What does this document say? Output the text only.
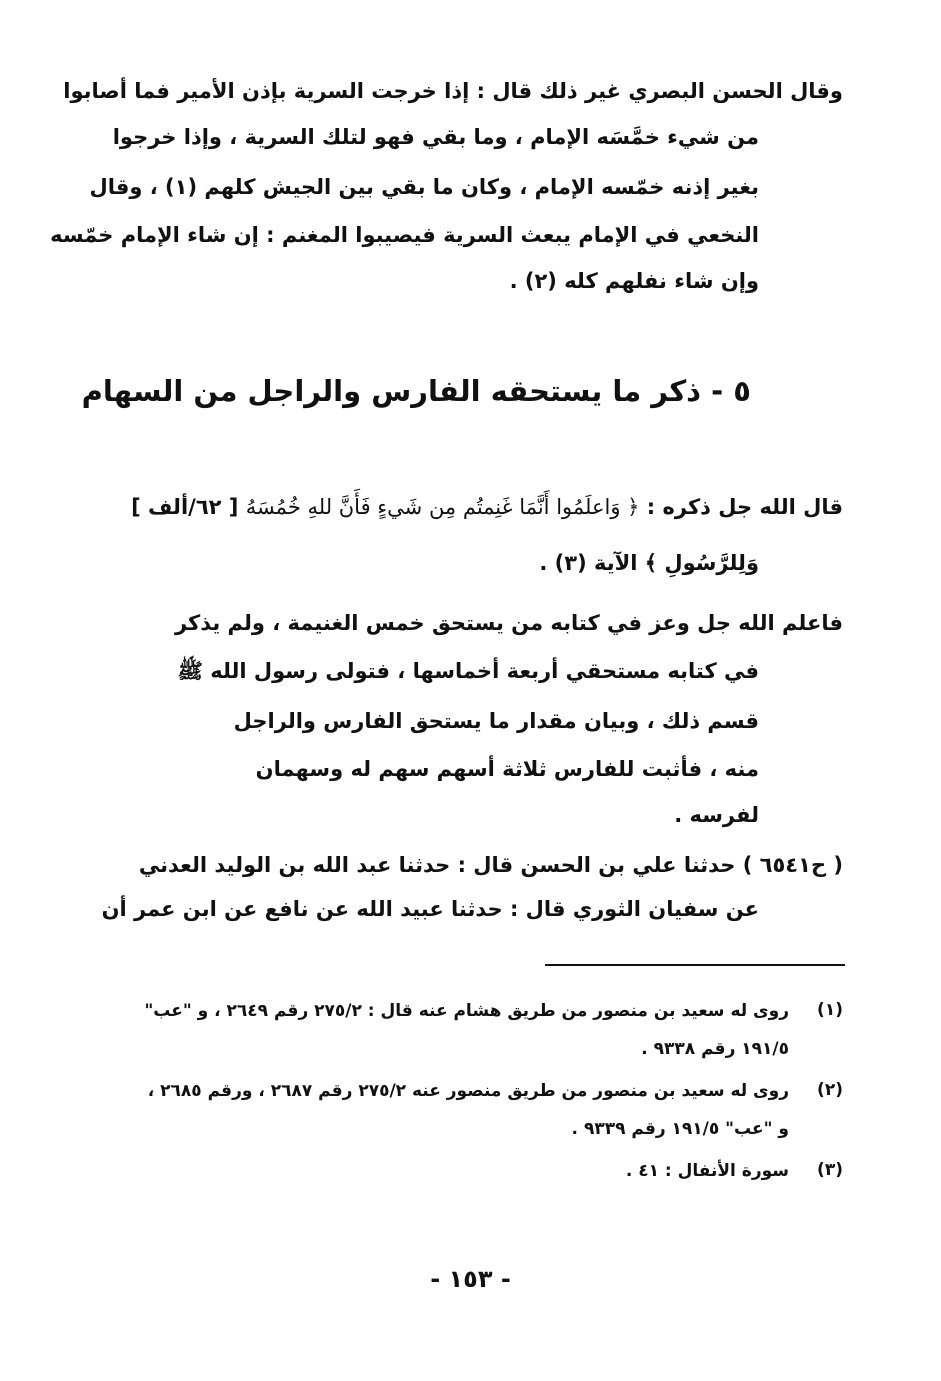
وقال الحسن البصري غير ذلك قال : إذا خرجت السرية بإذن الأمير فما أصابوا
من شيء خمَّسَه الإمام ، وما بقي فهو لتلك السرية ، وإذا خرجوا
بغير إذنه خمّسه الإمام ، وكان ما بقي بين الجيش كلهم (١) ، وقال
النخعي في الإمام يبعث السرية فيصيبوا المغنم : إن شاء الإمام خمّسه
وإن شاء نفلهم كله (٢) .
٥ - ذكر ما يستحقه الفارس والراجل من السهام
قال الله جل ذكره : ﴿ وَاعلَمُوا أَنَّمَا غَنِمتُم مِن شَيءٍ فَأَنَّ للهِ خُمُسَهُ [ ٦٢/ألف ]
وَلِلرَّسُولِ ﴾ الآية (٣) .
فاعلم الله جل وعز في كتابه من يستحق خمس الغنيمة ، ولم يذكر
في كتابه مستحقي أربعة أخماسها ، فتولى رسول الله ﷺ
قسم ذلك ، وبيان مقدار ما يستحق الفارس والراجل
منه ، فأثبت للفارس ثلاثة أسهم سهم له وسهمان
لفرسه .
( ح٦٥٤١ ) حدثنا علي بن الحسن قال : حدثنا عبد الله بن الوليد العدني
عن سفيان الثوري قال : حدثنا عبيد الله عن نافع عن ابن عمر أن
(١)
روى له سعيد بن منصور من طريق هشام عنه قال : ٢٧٥/٢ رقم ٢٦٤٩ ، و "عب"
١٩١/٥ رقم ٩٣٣٨ .
(٢)
روى له سعيد بن منصور من طريق منصور عنه ٢٧٥/٢ رقم ٢٦٨٧ ، ورقم ٢٦٨٥ ،
و "عب" ١٩١/٥ رقم ٩٣٣٩ .
(٣)
سورة الأنفال : ٤١ .
- ١٥٣ -
